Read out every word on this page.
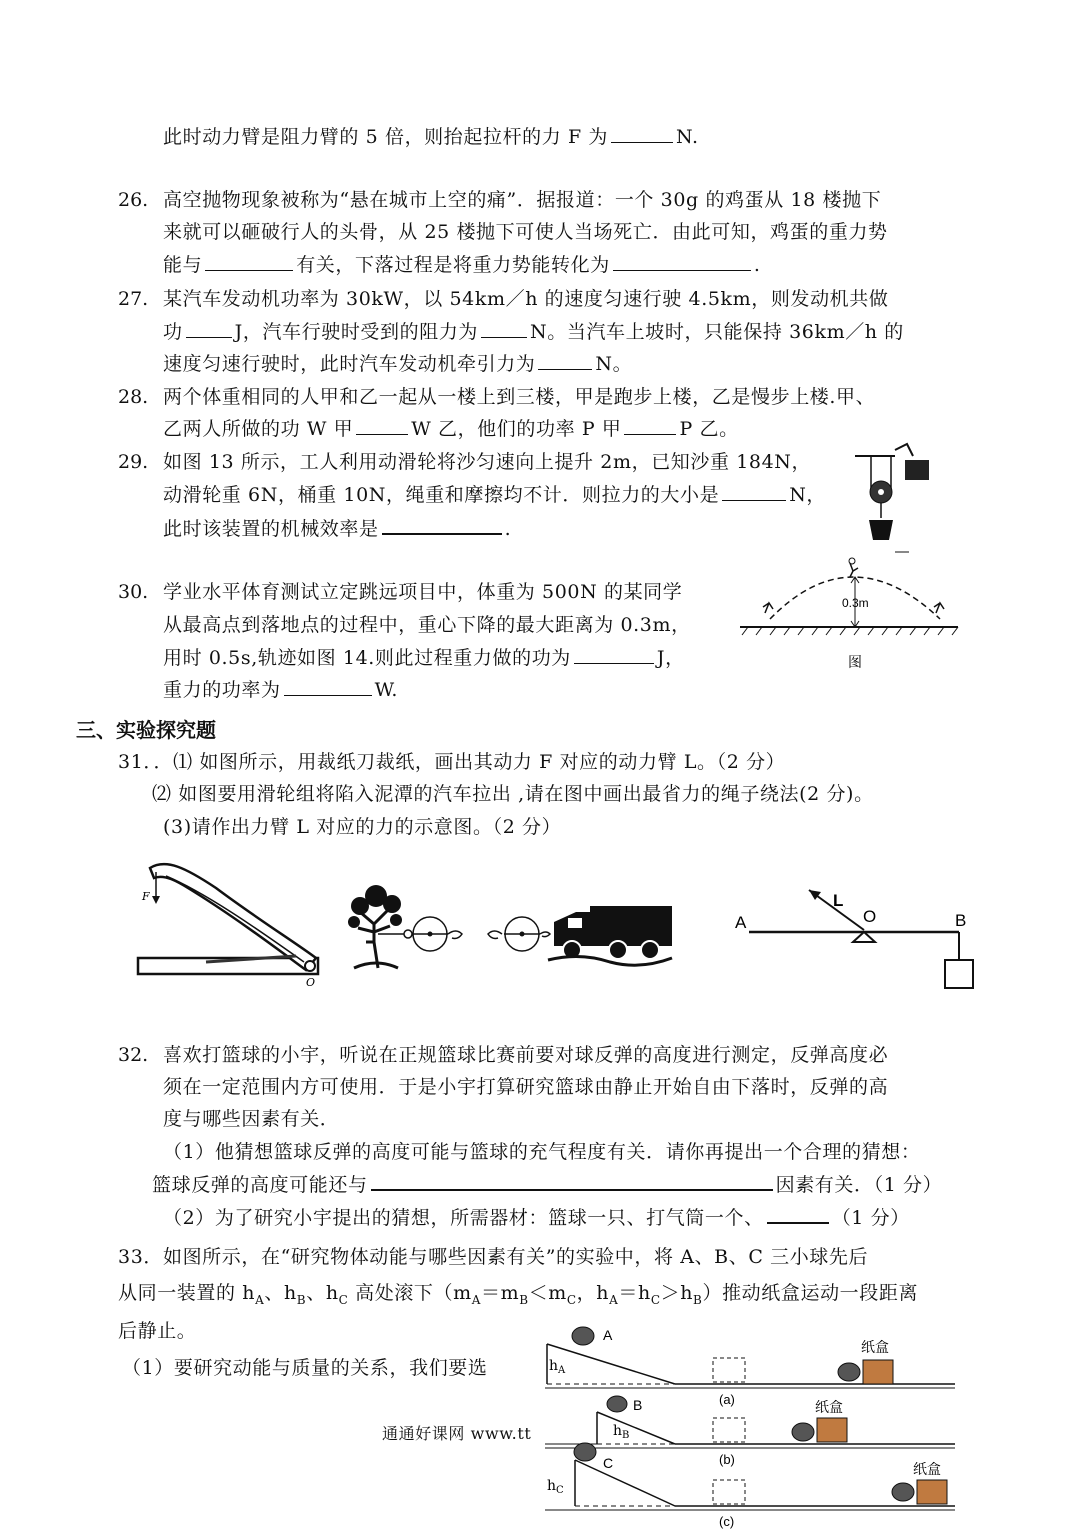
此时动力臂是阻力臂的 5 倍，则抬起拉杆的力 F 为	N.
26. 高空抛物现象被称为“悬在城市上空的痛”．据报道：一个 30g 的鸡蛋从 18 楼抛下
来就可以砸破行人的头骨，从 25 楼抛下可使人当场死亡．由此可知，鸡蛋的重力势
能与	有关，下落过程是将重力势能转化为	.
27. 某汽车发动机功率为 30kW，以 54km／h 的速度匀速行驶 4.5km，则发动机共做
功	J，汽车行驶时受到的阻力为	N。当汽车上坡时，只能保持 36km／h 的
速度匀速行驶时，此时汽车发动机牵引力为	N。
28. 两个体重相同的人甲和乙一起从一楼上到三楼，甲是跑步上楼，乙是慢步上楼.甲、
乙两人所做的功 W 甲	W 乙，他们的功率 P 甲	P 乙。
29. 如图 13 所示，工人利用动滑轮将沙匀速向上提升 2m，已知沙重 184N，
动滑轮重 6N，桶重 10N，绳重和摩擦均不计．则拉力的大小是	N，
此时该装置的机械效率是	.
30. 学业水平体育测试立定跳远项目中，体重为 500N 的某同学
从最高点到落地点的过程中，重心下降的最大距离为 0.3m，
用时 0.5s,轨迹如图 14.则此过程重力做的功为	J，
重力的功率为	W.
0.3m
图
三、实验探究题
31．．⑴ 如图所示，用裁纸刀裁纸，画出其动力 F 对应的动力臂 L。（2 分）
⑵ 如图要用滑轮组将陷入泥潭的汽车拉出 ,请在图中画出最省力的绳子绕法(2 分)。
(3)请作出力臂 L 对应的力的示意图。（2 分）
F
O
A
L
O	B
32. 喜欢打篮球的小宇，听说在正规篮球比赛前要对球反弹的高度进行测定，反弹高度必
须在一定范围内方可使用．于是小宇打算研究篮球由静止开始自由下落时，反弹的高
度与哪些因素有关．
（1）他猜想篮球反弹的高度可能与篮球的充气程度有关．请你再提出一个合理的猜想：
篮球反弹的高度可能还与	因素有关．（1 分）
（2）为了研究小宇提出的猜想，所需器材：篮球一只、打气筒一个、	（1 分）
33．如图所示，在“研究物体动能与哪些因素有关”的实验中，将 A、B、C 三小球先后
从同一装置的 $h_A$、$h_B$、$h_C$ 高处滚下（$m_A=m_B<m_C$，$h_A=h_C>h_B$）推动纸盒运动一段距离
后静止。
（1）要研究动能与质量的关系，我们要选
通通好课网 www.tt
A
$h_A$
(a)
纸盒
B
$h_B$
(b)
纸盒
C
$h_C$
(c)
纸盒
